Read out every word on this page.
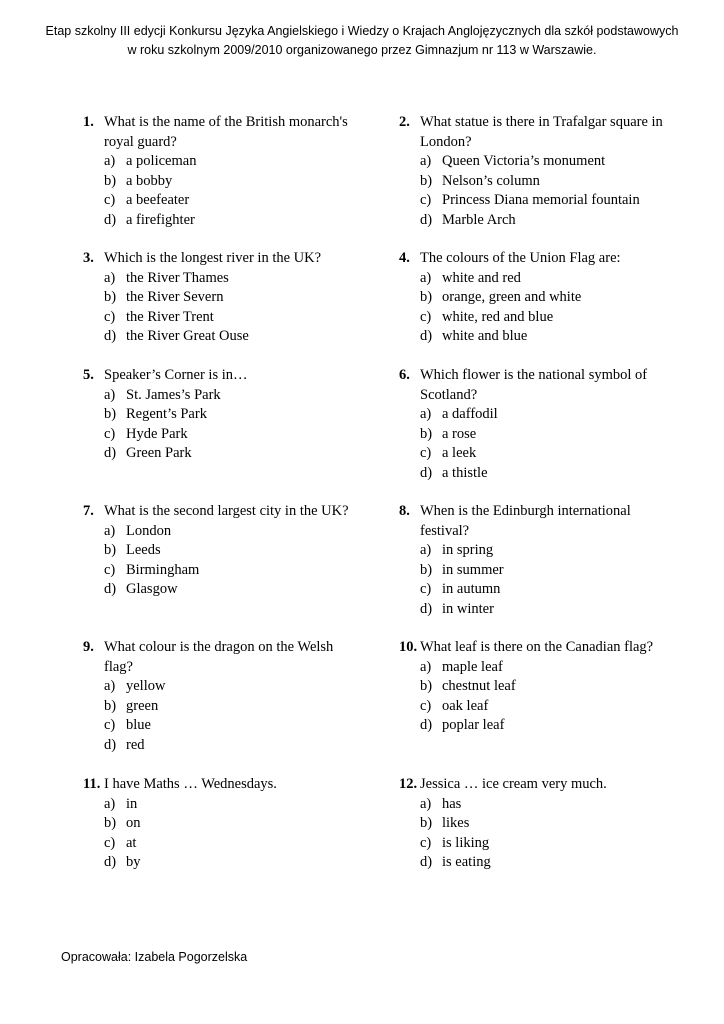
Etap szkolny III edycji Konkursu Języka Angielskiego i Wiedzy o Krajach Anglojęzycznych dla szkół podstawowych
w roku szkolnym 2009/2010 organizowanego przez Gimnazjum nr 113 w Warszawie.
1. What is the name of the British monarch's royal guard?
a) a policeman
b) a bobby
c) a beefeater
d) a firefighter
2. What statue is there in Trafalgar square in London?
a) Queen Victoria’s monument
b) Nelson’s column
c) Princess Diana memorial fountain
d) Marble Arch
3. Which is the longest river in the UK?
a) the River Thames
b) the River Severn
c) the River Trent
d) the River Great Ouse
4. The colours of the Union Flag are:
a) white and red
b) orange, green and white
c) white, red and blue
d) white and blue
5. Speaker’s Corner is in…
a) St. James’s Park
b) Regent’s Park
c) Hyde Park
d) Green Park
6. Which flower is the national symbol of Scotland?
a) a daffodil
b) a rose
c) a leek
d) a thistle
7. What is the second largest city in the UK?
a) London
b) Leeds
c) Birmingham
d) Glasgow
8. When is the Edinburgh international festival?
a) in spring
b) in summer
c) in autumn
d) in winter
9. What colour is the dragon on the Welsh flag?
a) yellow
b) green
c) blue
d) red
10. What leaf is there on the Canadian flag?
a) maple leaf
b) chestnut leaf
c) oak leaf
d) poplar leaf
11. I have Maths … Wednesdays.
a) in
b) on
c) at
d) by
12. Jessica … ice cream very much.
a) has
b) likes
c) is liking
d) is eating
Opracowała: Izabela Pogorzelska
